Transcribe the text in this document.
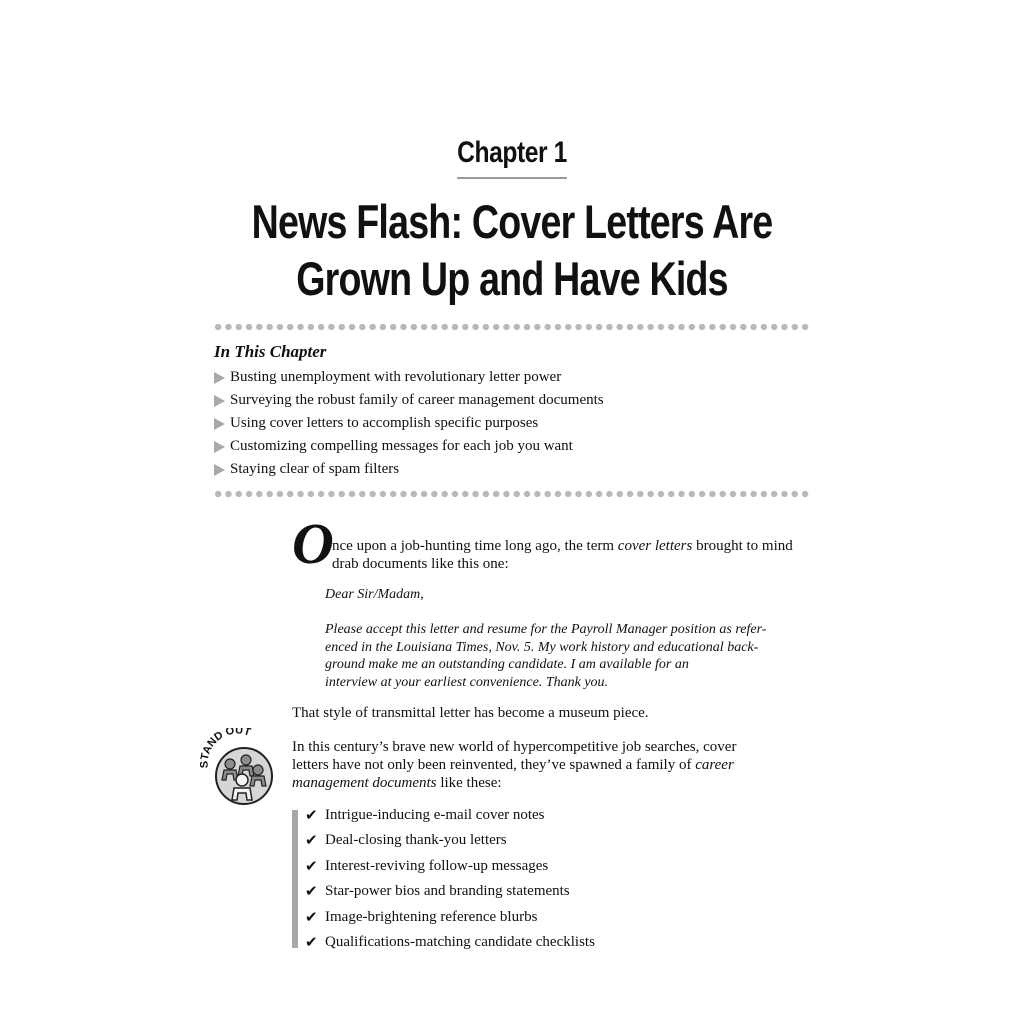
Chapter 1
News Flash: Cover Letters Are
Grown Up and Have Kids
In This Chapter
Busting unemployment with revolutionary letter power
Surveying the robust family of career management documents
Using cover letters to accomplish specific purposes
Customizing compelling messages for each job you want
Staying clear of spam filters
O
nce upon a job-hunting time long ago, the term cover letters brought to mind drab documents like this one:
Dear Sir/Madam,
Please accept this letter and resume for the Payroll Manager position as refer-
enced in the Louisiana Times, Nov. 5. My work history and educational back-
ground make me an outstanding candidate. I am available for an
interview at your earliest convenience. Thank you.
That style of transmittal letter has become a museum piece.
TAND OUT
In this century’s brave new world of hypercompetitive job searches, cover
letters have not only been reinvented, they’ve spawned a family of career
management documents like these:
✔ Intrigue-inducing e-mail cover notes
✔ Deal-closing thank-you letters
✔ Interest-reviving follow-up messages
✔ Star-power bios and branding statements
✔ Image-brightening reference blurbs
✔ Qualifications-matching candidate checklists
